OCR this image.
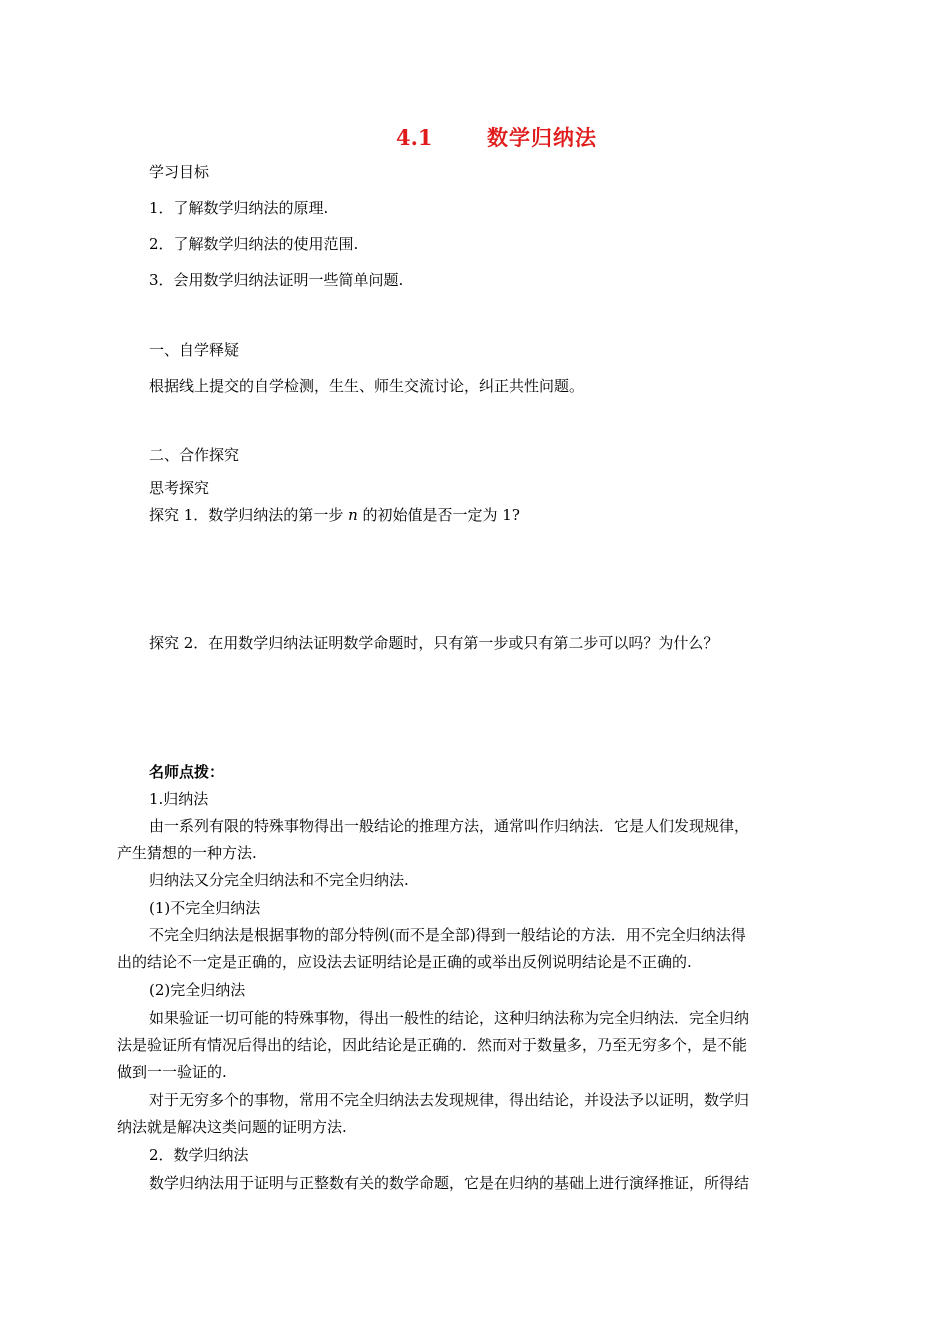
4.1	数学归纳法
学习目标
1．了解数学归纳法的原理.
2．了解数学归纳法的使用范围.
3．会用数学归纳法证明一些简单问题.
一、自学释疑
根据线上提交的自学检测，生生、师生交流讨论，纠正共性问题。
二、合作探究
思考探究
探究 1．数学归纳法的第一步 n 的初始值是否一定为 1?
探究 2．在用数学归纳法证明数学命题时，只有第一步或只有第二步可以吗？为什么？
名师点拨：
1.归纳法
由一系列有限的特殊事物得出一般结论的推理方法，通常叫作归纳法．它是人们发现规律，
产生猜想的一种方法.
归纳法又分完全归纳法和不完全归纳法.
(1)不完全归纳法
不完全归纳法是根据事物的部分特例(而不是全部)得到一般结论的方法．用不完全归纳法得
出的结论不一定是正确的，应设法去证明结论是正确的或举出反例说明结论是不正确的.
(2)完全归纳法
如果验证一切可能的特殊事物，得出一般性的结论，这种归纳法称为完全归纳法．完全归纳
法是验证所有情况后得出的结论，因此结论是正确的．然而对于数量多，乃至无穷多个，是不能
做到一一验证的.
对于无穷多个的事物，常用不完全归纳法去发现规律，得出结论，并设法予以证明，数学归
纳法就是解决这类问题的证明方法.
2．数学归纳法
数学归纳法用于证明与正整数有关的数学命题，它是在归纳的基础上进行演绎推证，所得结
